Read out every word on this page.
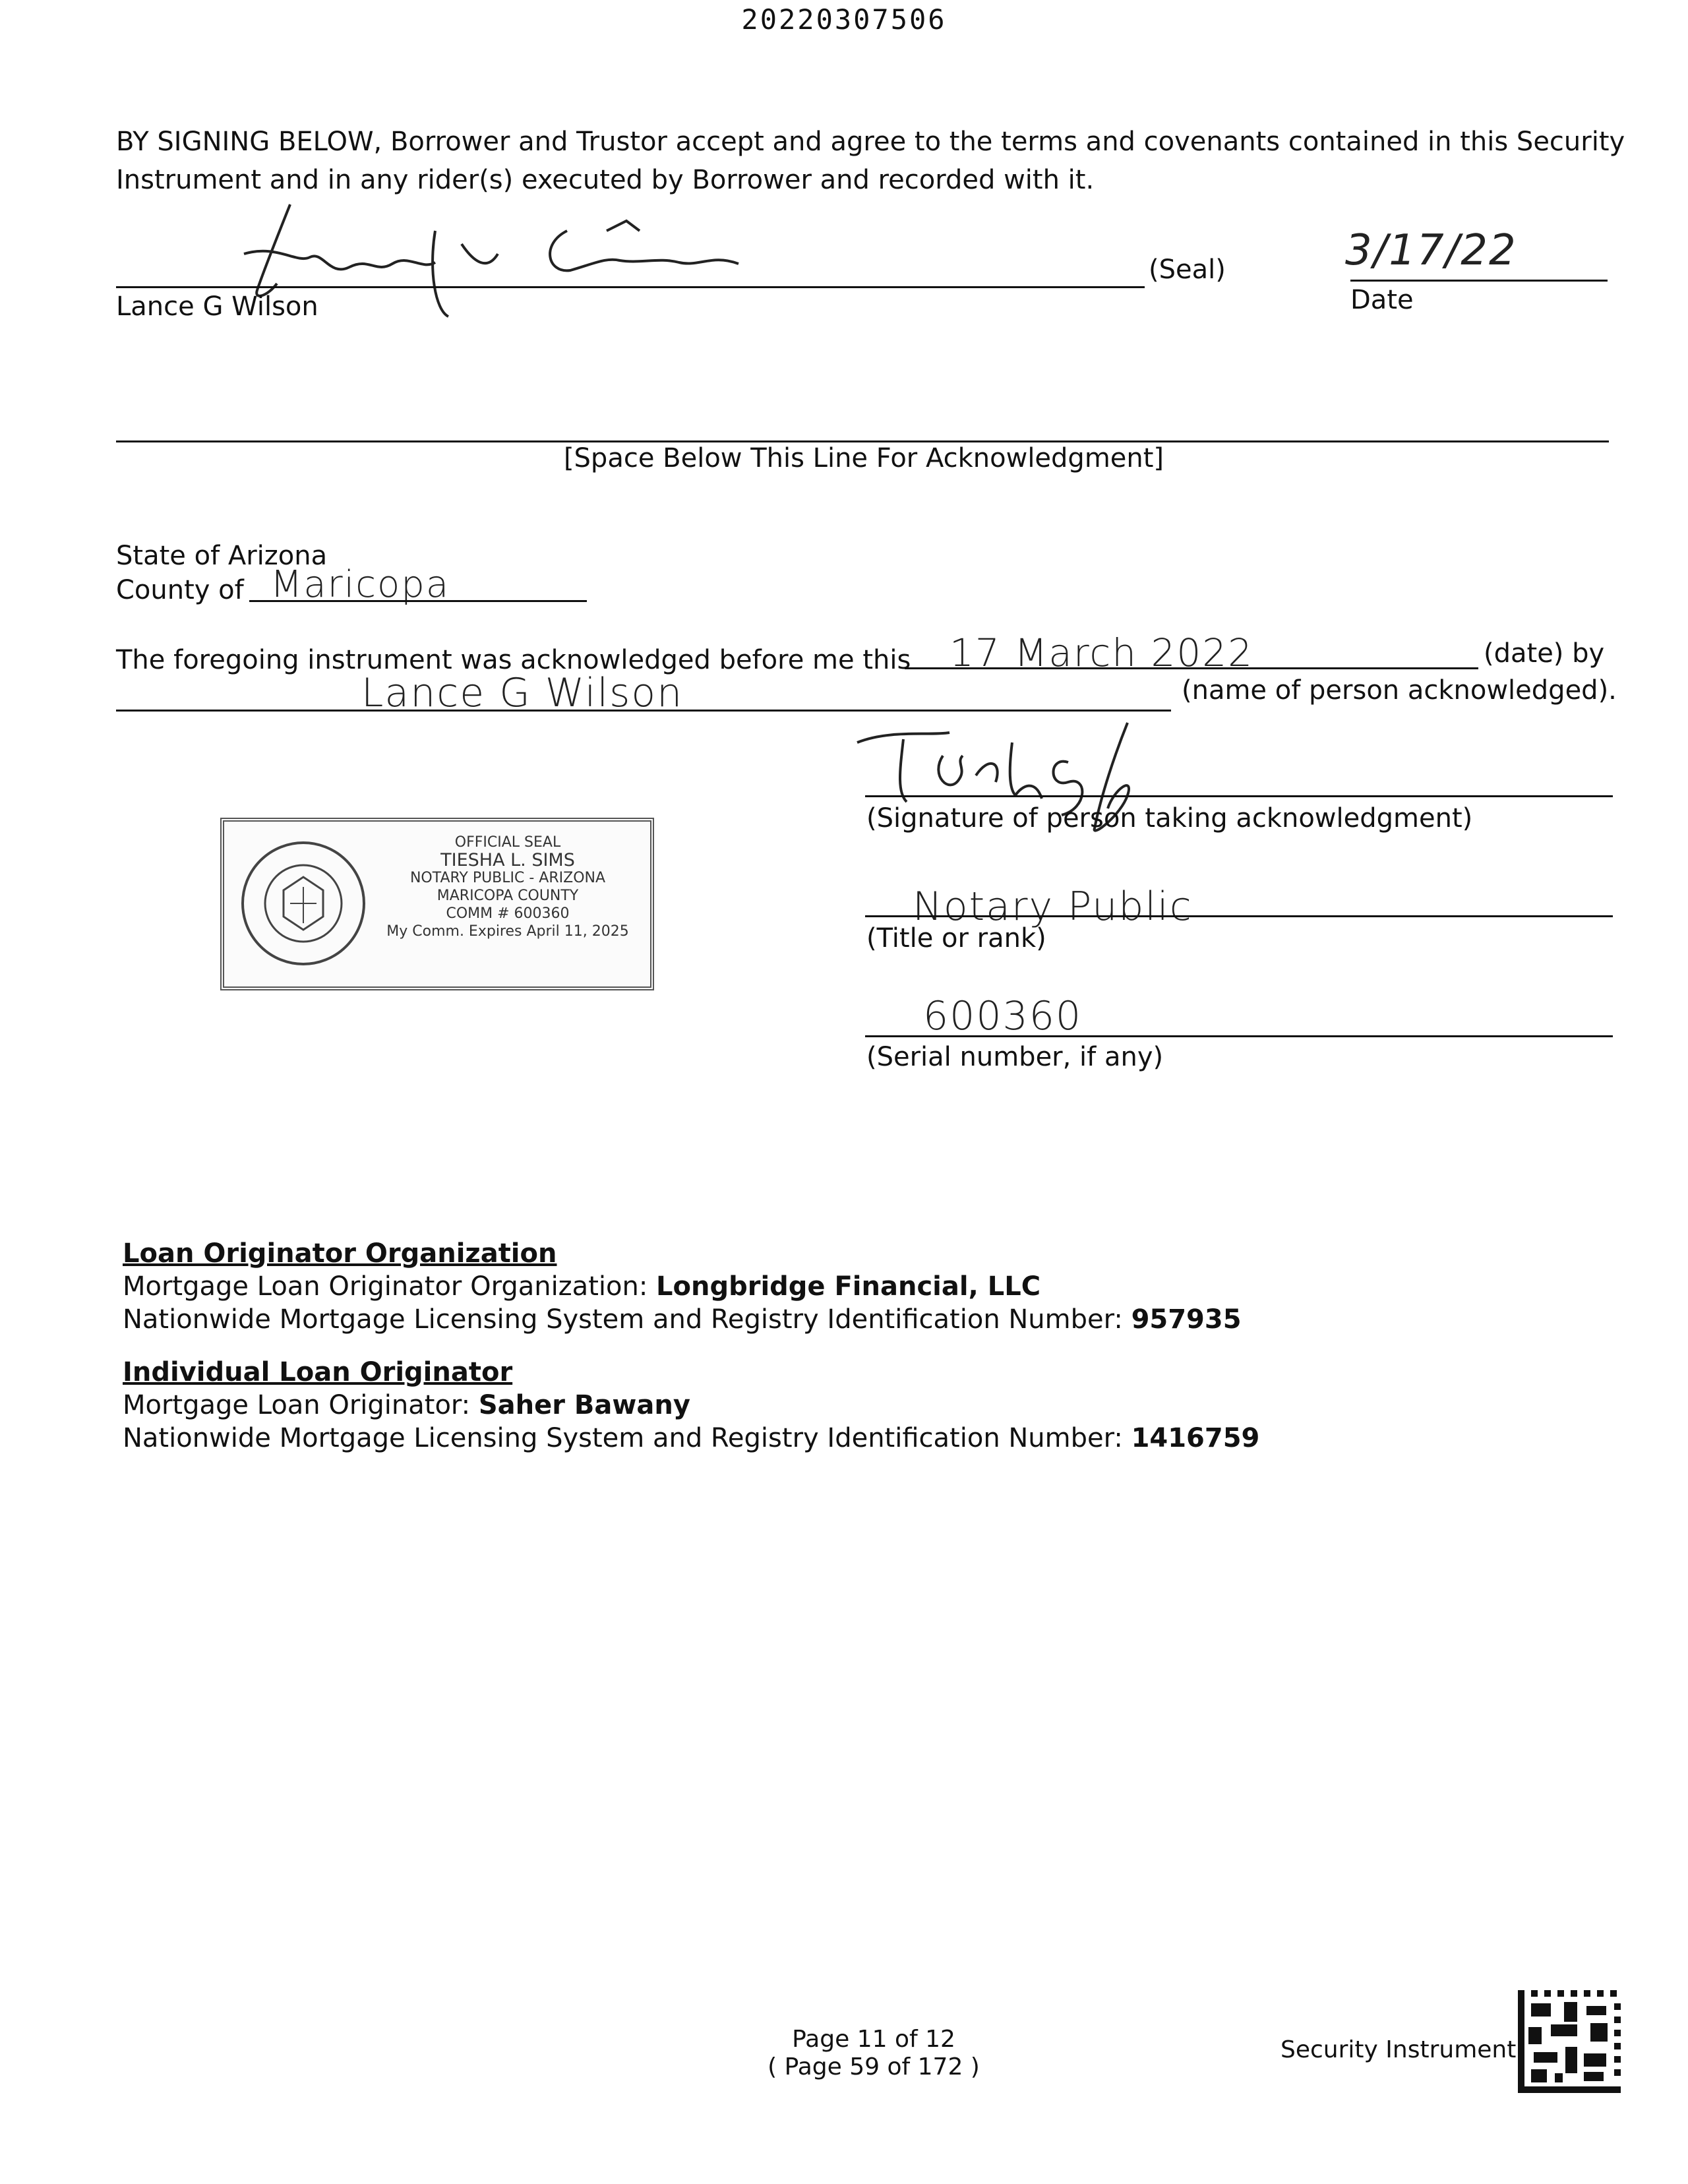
20220307506
BY SIGNING BELOW, Borrower and Trustor accept and agree to the terms and covenants contained in this Security
Instrument and in any rider(s) executed by Borrower and recorded with it.
(Seal)
Lance G Wilson
3/17/22
Date
[Space Below This Line For Acknowledgment]
State of Arizona
County of Maricopa
The foregoing instrument was acknowledged before me this 17 March 2022	(date) by
Lance G Wilson	(name of person acknowledged).
(Signature of person taking acknowledgment)
OFFICIAL SEAL
TIESHA L. SIMS
NOTARY PUBLIC - ARIZONA
MARICOPA COUNTY
COMM # 600360
My Comm. Expires April 11, 2025
Notary Public
(Title or rank)
600360
(Serial number, if any)
Loan Originator Organization
Mortgage Loan Originator Organization: Longbridge Financial, LLC
Nationwide Mortgage Licensing System and Registry Identification Number: 957935
Individual Loan Originator
Mortgage Loan Originator: Saher Bawany
Nationwide Mortgage Licensing System and Registry Identification Number: 1416759
Page 11 of 12
( Page 59 of 172 )
Security Instrument
